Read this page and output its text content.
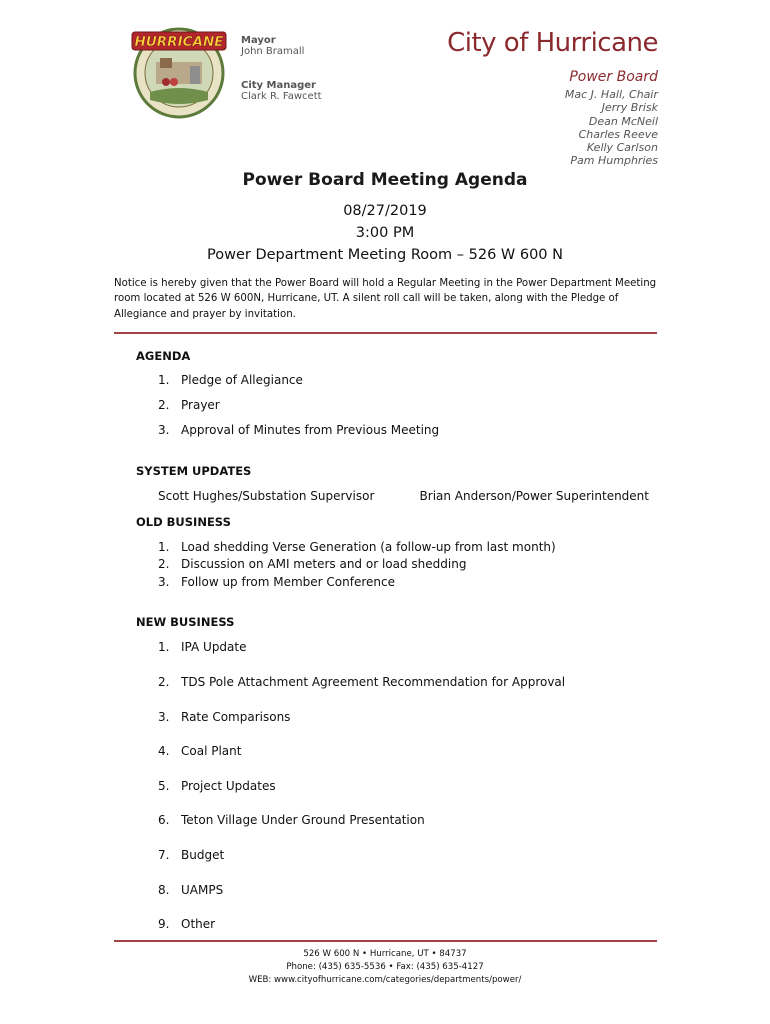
HURRICANE Mayor
John Bramall
City Manager
Clark R. Fawcett
City of Hurricane
Power Board
Mac J. Hall, Chair
Jerry Brisk
Dean McNeil
Charles Reeve
Kelly Carlson
Pam Humphries
Power Board Meeting Agenda
08/27/2019
3:00 PM
Power Department Meeting Room – 526 W 600 N
Notice is hereby given that the Power Board will hold a Regular Meeting in the Power Department Meeting room located at 526 W 600N, Hurricane, UT. A silent roll call will be taken, along with the Pledge of Allegiance and prayer by invitation.
AGENDA
1. Pledge of Allegiance
2. Prayer
3. Approval of Minutes from Previous Meeting
SYSTEM UPDATES
Scott Hughes/Substation Supervisor	Brian Anderson/Power Superintendent
OLD BUSINESS
1. Load shedding Verse Generation (a follow-up from last month)
2. Discussion on AMI meters and or load shedding
3. Follow up from Member Conference
NEW BUSINESS
1. IPA Update
2. TDS Pole Attachment Agreement Recommendation for Approval
3. Rate Comparisons
4. Coal Plant
5. Project Updates
6. Teton Village Under Ground Presentation
7. Budget
8. UAMPS
9. Other
526 W 600 N • Hurricane, UT • 84737
Phone: (435) 635-5536 • Fax: (435) 635-4127
WEB: www.cityofhurricane.com/categories/departments/power/
